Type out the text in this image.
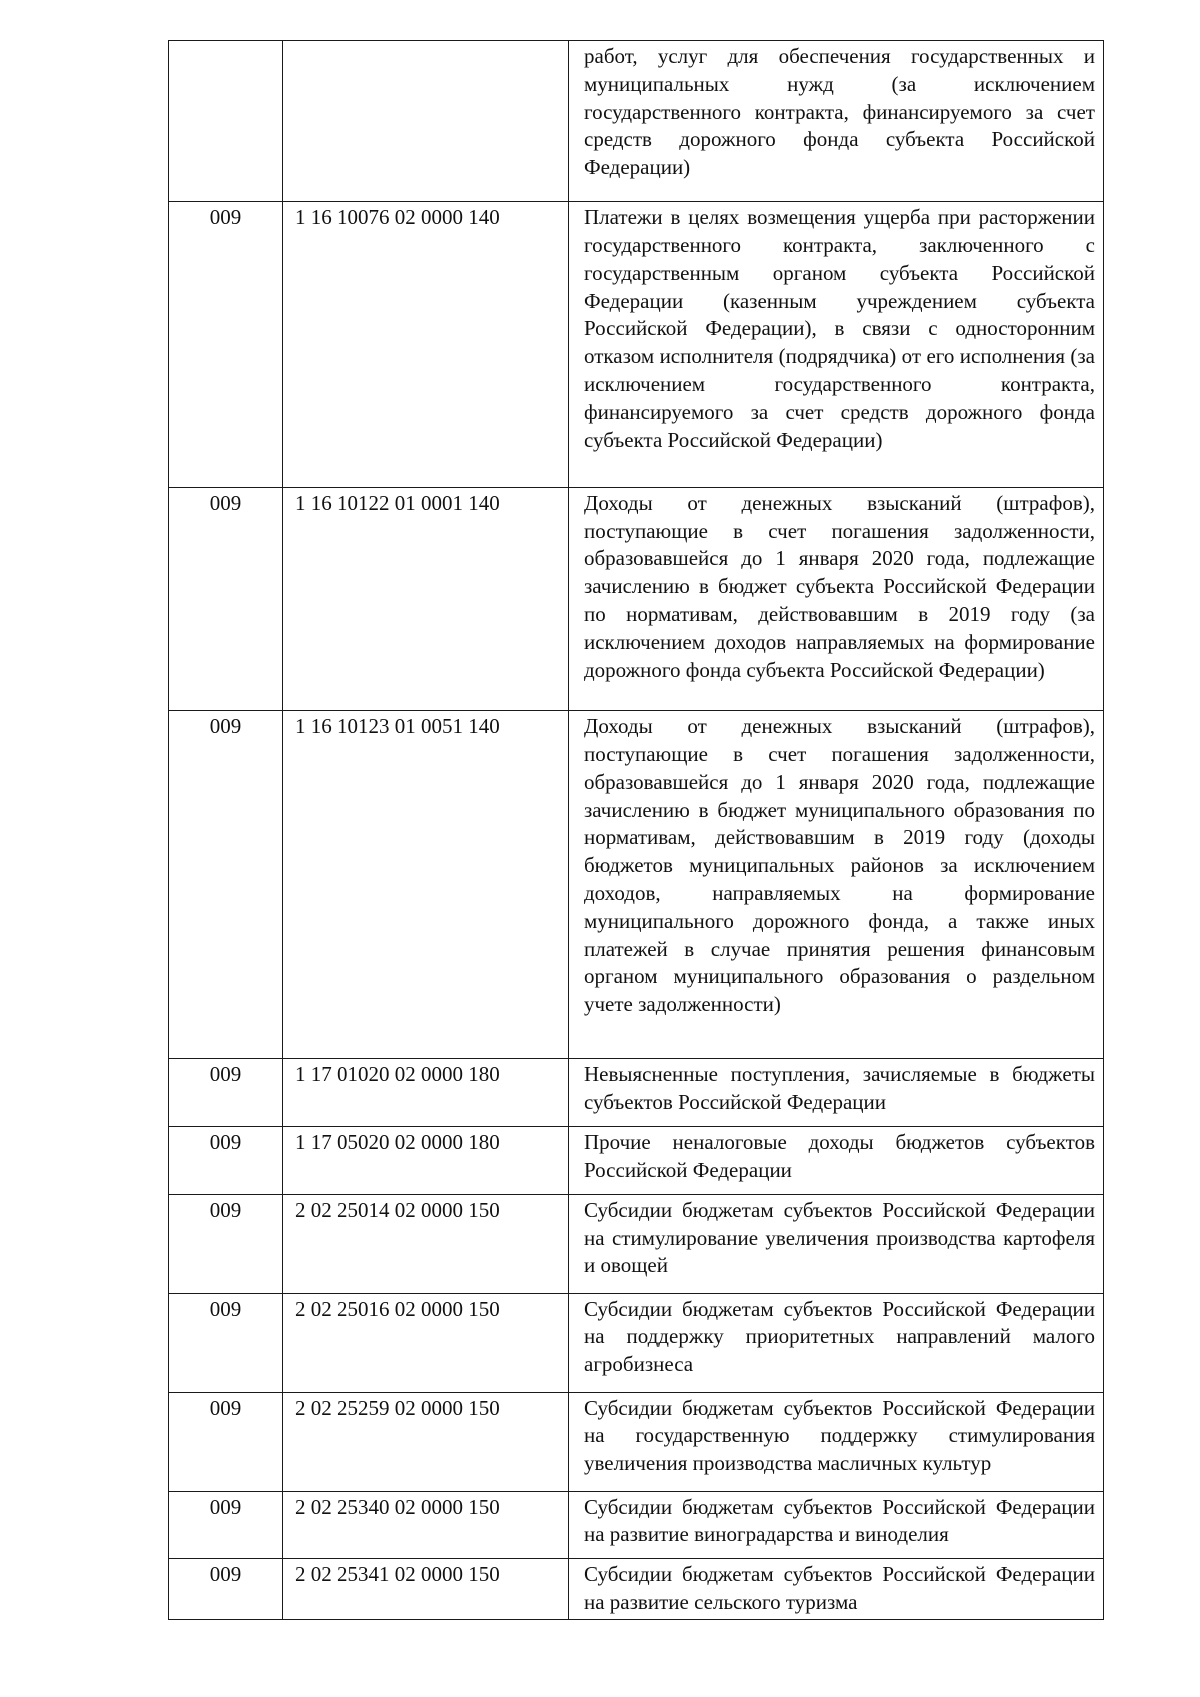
		работ, услуг для обеспечения государственных и муниципальных нужд (за исключением государственного контракта, финансируемого за счет средств дорожного фонда субъекта Российской Федерации)
009	1 16 10076 02 0000 140	Платежи в целях возмещения ущерба при расторжении государственного контракта, заключенного с государственным органом субъекта Российской Федерации (казенным учреждением субъекта Российской Федерации), в связи с односторонним отказом исполнителя (подрядчика) от его исполнения (за исключением государственного контракта, финансируемого за счет средств дорожного фонда субъекта Российской Федерации)
009	1 16 10122 01 0001 140	Доходы от денежных взысканий (штрафов), поступающие в счет погашения задолженности, образовавшейся до 1 января 2020 года, подлежащие зачислению в бюджет субъекта Российской Федерации по нормативам, действовавшим в 2019 году (за исключением доходов направляемых на формирование дорожного фонда субъекта Российской Федерации)
009	1 16 10123 01 0051 140	Доходы от денежных взысканий (штрафов), поступающие в счет погашения задолженности, образовавшейся до 1 января 2020 года, подлежащие зачислению в бюджет муниципального образования по нормативам, действовавшим в 2019 году (доходы бюджетов муниципальных районов за исключением доходов, направляемых на формирование муниципального дорожного фонда, а также иных платежей в случае принятия решения финансовым органом муниципального образования о раздельном учете задолженности)
009	1 17 01020 02 0000 180	Невыясненные поступления, зачисляемые в бюджеты субъектов Российской Федерации
009	1 17 05020 02 0000 180	Прочие неналоговые доходы бюджетов субъектов Российской Федерации
009	2 02 25014 02 0000 150	Субсидии бюджетам субъектов Российской Федерации на стимулирование увеличения производства картофеля и овощей
009	2 02 25016 02 0000 150	Субсидии бюджетам субъектов Российской Федерации на поддержку приоритетных направлений малого агробизнеса
009	2 02 25259 02 0000 150	Субсидии бюджетам субъектов Российской Федерации на государственную поддержку стимулирования увеличения производства масличных культур
009	2 02 25340 02 0000 150	Субсидии бюджетам субъектов Российской Федерации на развитие виноградарства и виноделия
009	2 02 25341 02 0000 150	Субсидии бюджетам субъектов Российской Федерации на развитие сельского туризма
